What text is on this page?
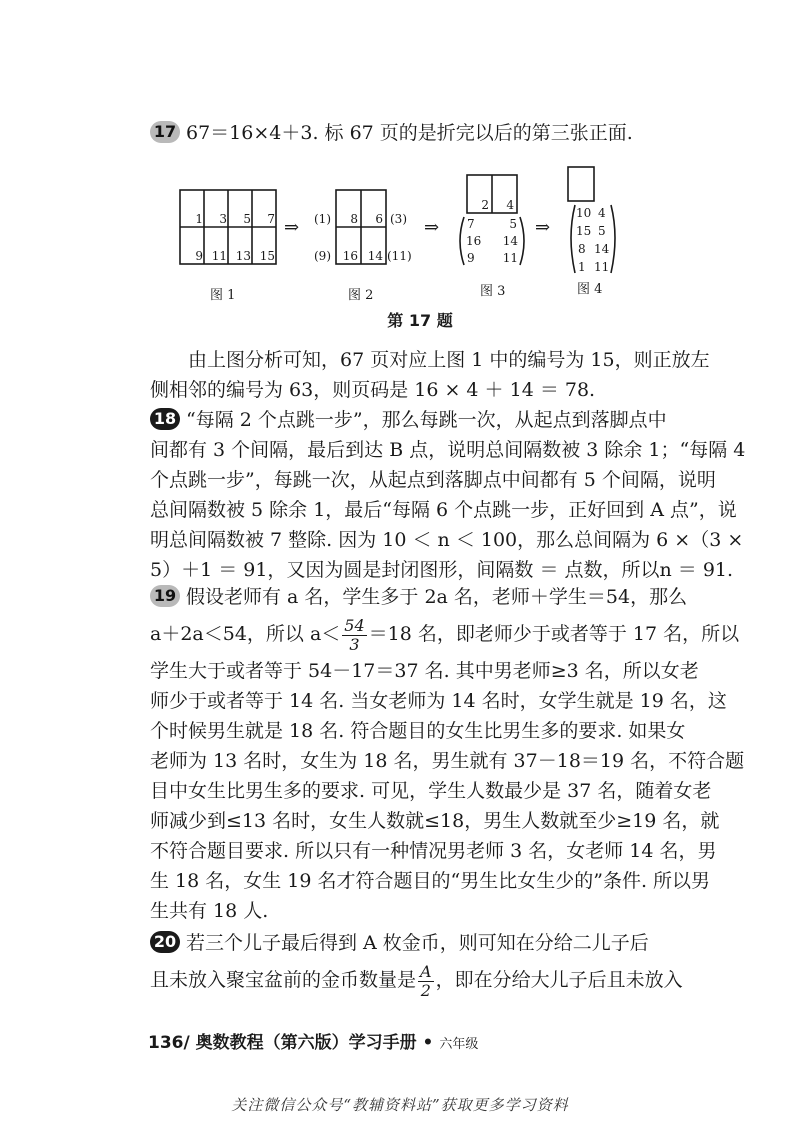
17 67＝16×4＋3. 标 67 页的是折完以后的第三张正面.

1 3 5 7
9 11 13 15
图 1
⇒ (1)
(9)
(3)
(11)
8 6
16 14
图 2
⇒
2 4
7
16
9
5
14
11
图 3
⇒
10 4
15 5
8 14
1 11
图 4
第 17 题

由上图分析可知，67 页对应上图 1 中的编号为 15，则正放左
侧相邻的编号为 63，则页码是 16 × 4 ＋ 14 ＝ 78.

18 “每隔 2 个点跳一步”，那么每跳一次，从起点到落脚点中
间都有 3 个间隔，最后到达 B 点，说明总间隔数被 3 除余 1；“每隔 4
个点跳一步”，每跳一次，从起点到落脚点中间都有 5 个间隔，说明
总间隔数被 5 除余 1，最后“每隔 6 个点跳一步，正好回到 A 点”，说
明总间隔数被 7 整除. 因为 10 ＜ n ＜ 100，那么总间隔为 6 ×（3 ×
5）＋1 ＝ 91，又因为圆是封闭图形，间隔数 ＝ 点数，所以n ＝ 91.

19 假设老师有 a 名，学生多于 2a 名，老师＋学生＝54，那么
a＋2a＜54，所以 $a< \frac{54}{3} =18$ 名，即老师少于或者等于 17 名，所以
学生大于或者等于 54－17＝37 名. 其中男老师≥3 名，所以女老
师少于或者等于 14 名. 当女老师为 14 名时，女学生就是 19 名，这
个时候男生就是 18 名. 符合题目的女生比男生多的要求. 如果女
老师为 13 名时，女生为 18 名，男生就有 37－18＝19 名，不符合题
目中女生比男生多的要求. 可见，学生人数最少是 37 名，随着女老
师减少到≤13 名时，女生人数就≤18，男生人数就至少≥19 名，就
不符合题目要求. 所以只有一种情况男老师 3 名，女老师 14 名，男
生 18 名，女生 19 名才符合题目的“男生比女生少的”条件. 所以男
生共有 18 人.

20 若三个儿子最后得到 A 枚金币，则可知在分给二儿子后
且未放入聚宝盆前的金币数量是 $\frac{A}{2}$ ，即在分给大儿子后且未放入

136/ 奥数教程（第六版）学习手册 • 六年级
关注微信公众号“教辅资料站”获取更多学习资料
